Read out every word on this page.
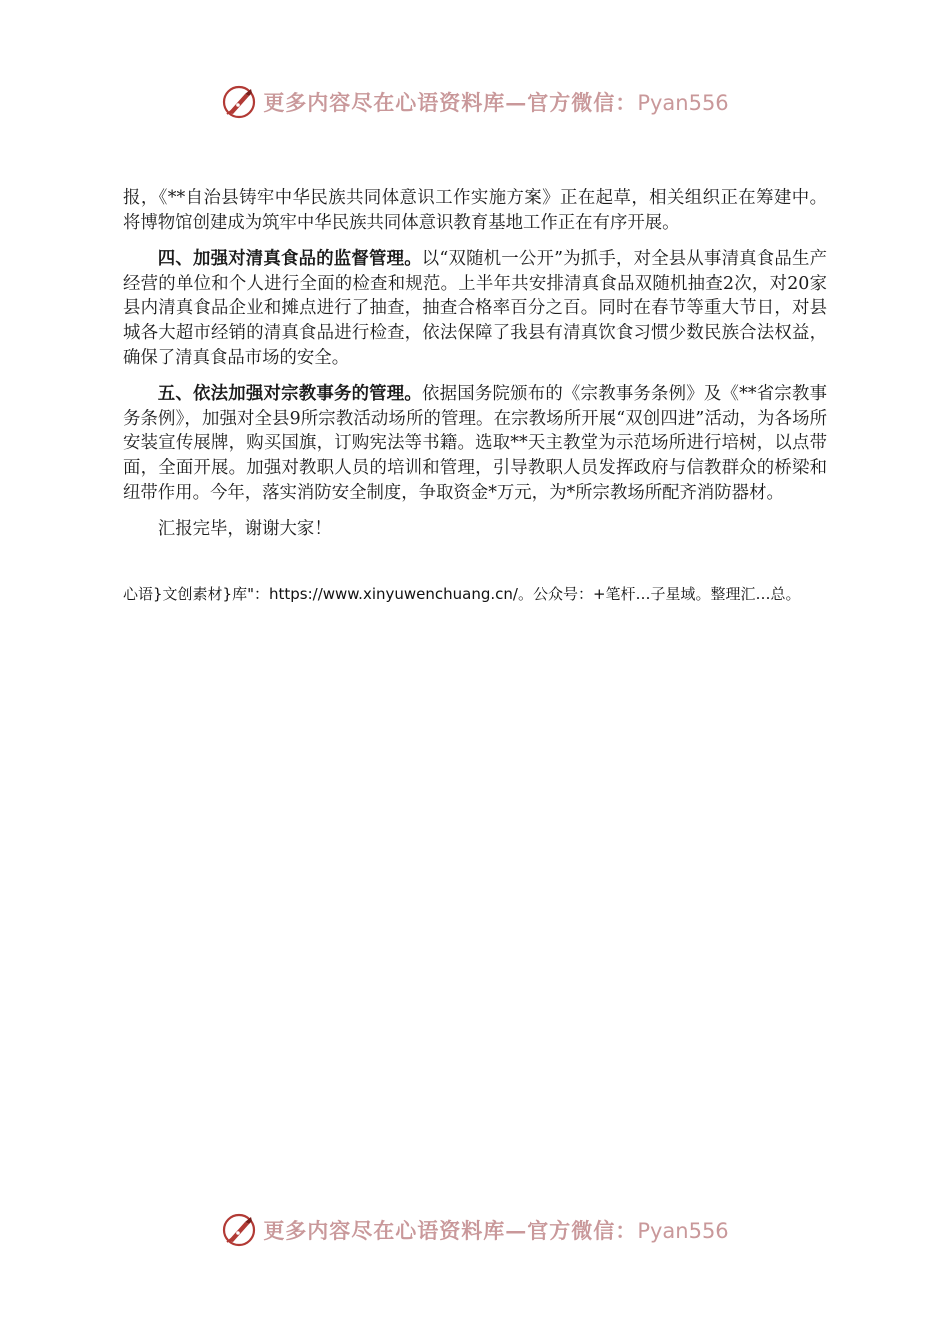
更多内容尽在心语资料库—官方微信：Pyan556

报，《**自治县铸牢中华民族共同体意识工作实施方案》正在起草，相关组织正在筹建中。将博物馆创建成为筑牢中华民族共同体意识教育基地工作正在有序开展。

四、加强对清真食品的监督管理。以“双随机一公开”为抓手，对全县从事清真食品生产经营的单位和个人进行全面的检查和规范。上半年共安排清真食品双随机抽查2次，对20家县内清真食品企业和摊点进行了抽查，抽查合格率百分之百。同时在春节等重大节日，对县城各大超市经销的清真食品进行检查，依法保障了我县有清真饮食习惯少数民族合法权益，确保了清真食品市场的安全。

五、依法加强对宗教事务的管理。依据国务院颁布的《宗教事务条例》及《**省宗教事务条例》，加强对全县9所宗教活动场所的管理。在宗教场所开展“双创四进”活动，为各场所安装宣传展牌，购买国旗，订购宪法等书籍。选取**天主教堂为示范场所进行培树，以点带面，全面开展。加强对教职人员的培训和管理，引导教职人员发挥政府与信教群众的桥梁和纽带作用。今年，落实消防安全制度，争取资金*万元，为*所宗教场所配齐消防器材。

汇报完毕，谢谢大家！

心语}文创素材}库"：https://www.xinyuwenchuang.cn/。公众号：+笔杆…子星域。整理汇…总。
更多内容尽在心语资料库—官方微信：Pyan556
